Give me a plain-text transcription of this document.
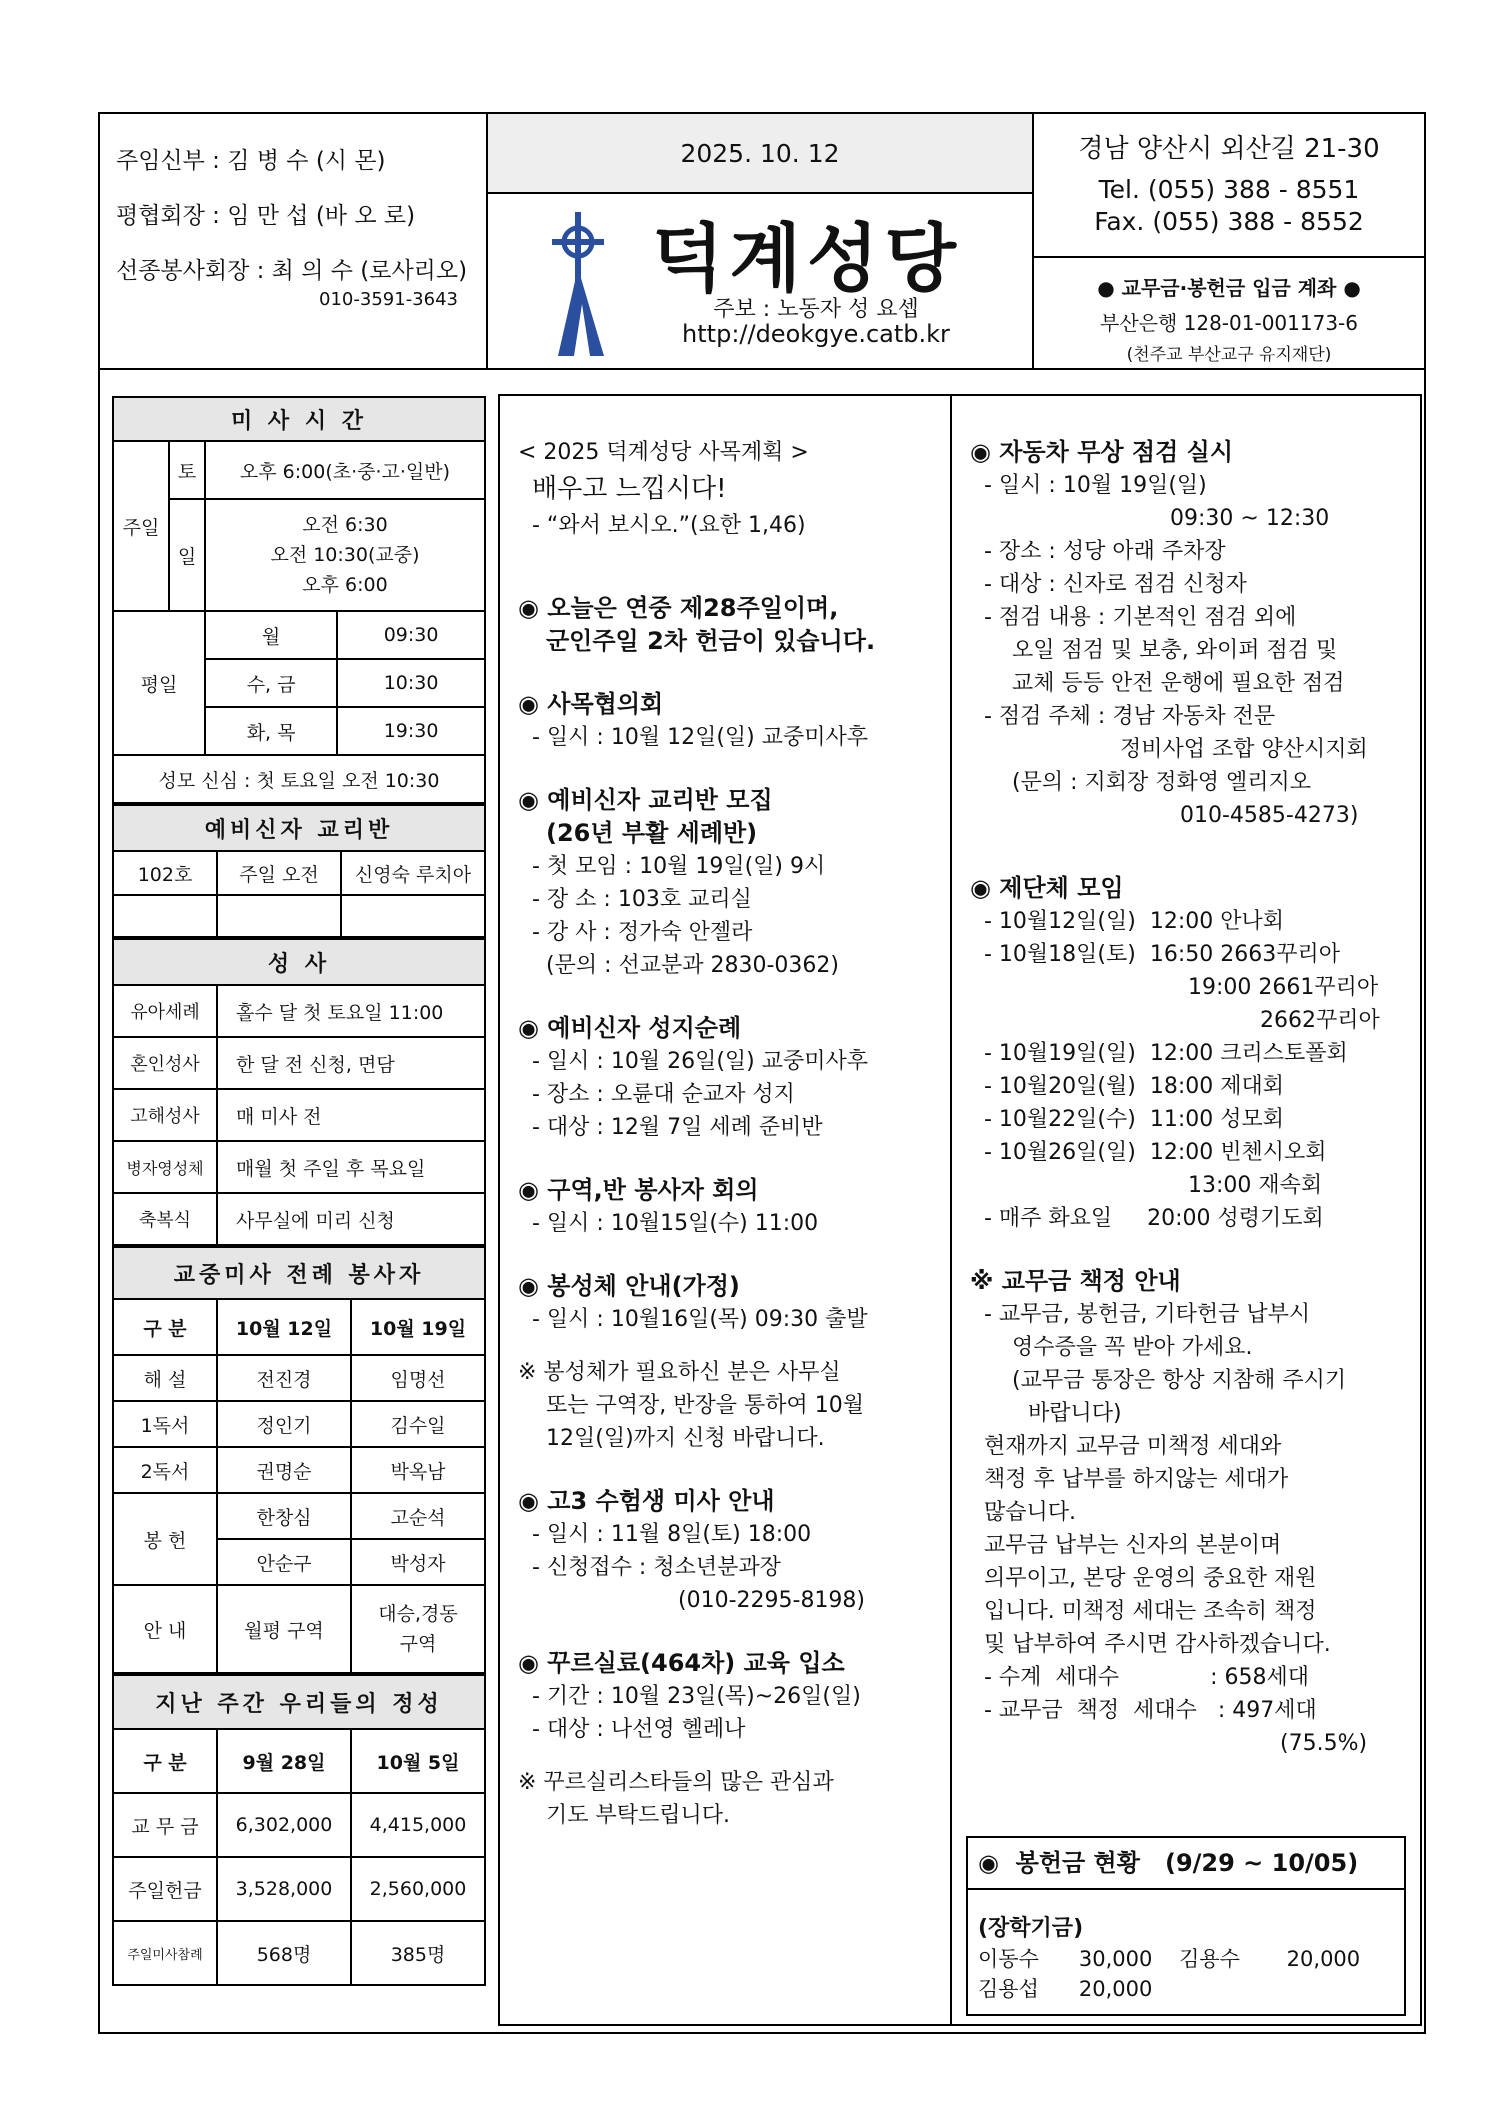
주임신부 : 김 병 수 (시 몬)
평협회장 : 임 만 섭 (바 오 로)
선종봉사회장 : 최 의 수 (로사리오)
010-3591-3643
2025. 10. 12
덕계성당
주보 : 노동자 성 요셉
http://deokgye.catb.kr
경남 양산시 외산길 21-30
Tel. (055) 388 - 8551
Fax. (055) 388 - 8552
● 교무금·봉헌금 입금 계좌 ●
부산은행 128-01-001173-6
(천주교 부산교구 유지재단)
미 사 시 간			
주일	토	오후 6:00(초·중·고·일반)	
	일	오전 6:30
오전 10:30(교중)
오후 6:00	

평일		월	09:30
		수, 금	10:30
		화, 목	19:30
성모 신심 : 첫 토요일 오전 10:30			
예비신자 교리반		
102호	주일 오전	신영숙 루치아

성 사	
유아세례	홀수 달 첫 토요일 11:00
혼인성사	한 달 전 신청, 면담
고해성사	매 미사 전
병자영성체	매월 첫 주일 후 목요일
축복식	사무실에 미리 신청
교중미사 전례 봉사자		
구 분	10월 12일	10월 19일
해 설	전진경	임명선
1독서	정인기	김수일
2독서	권명순	박옥남
봉 헌	한창심	고순석
	안순구	박성자
안 내	월평 구역	대승,경동 구역
지난 주간 우리들의 정성		
구 분	9월 28일	10월 5일
교 무 금	6,302,000	4,415,000
주일헌금	3,528,000	2,560,000
주일미사참례	568명	385명
< 2025 덕계성당 사목계획 >
배우고 느낍시다!
- “와서 보시오.”(요한 1,46)
◉ 오늘은 연중 제28주일이며,
군인주일 2차 헌금이 있습니다.
◉ 사목협의회
- 일시 : 10월 12일(일) 교중미사후
◉ 예비신자 교리반 모집
(26년 부활 세례반)
- 첫 모임 : 10월 19일(일) 9시
- 장 소 : 103호 교리실
- 강 사 : 정가숙 안젤라
(문의 : 선교분과 2830-0362)
◉ 예비신자 성지순례
- 일시 : 10월 26일(일) 교중미사후
- 장소 : 오륜대 순교자 성지
- 대상 : 12월 7일 세례 준비반
◉ 구역,반 봉사자 회의
- 일시 : 10월15일(수) 11:00
◉ 봉성체 안내(가정)
- 일시 : 10월16일(목) 09:30 출발
※ 봉성체가 필요하신 분은 사무실
또는 구역장, 반장을 통하여 10월
12일(일)까지 신청 바랍니다.
◉ 고3 수험생 미사 안내
- 일시 : 11월 8일(토) 18:00
- 신청접수 : 청소년분과장
(010-2295-8198)
◉ 꾸르실료(464차) 교육 입소
- 기간 : 10월 23일(목)~26일(일)
- 대상 : 나선영 헬레나
※ 꾸르실리스타들의 많은 관심과
기도 부탁드립니다.
◉ 자동차 무상 점검 실시
- 일시 : 10월 19일(일)
09:30 ~ 12:30
- 장소 : 성당 아래 주차장
- 대상 : 신자로 점검 신청자
- 점검 내용 : 기본적인 점검 외에
오일 점검 및 보충, 와이퍼 점검 및
교체 등등 안전 운행에 필요한 점검
- 점검 주체 : 경남 자동차 전문
정비사업 조합 양산시지회
(문의 : 지회장 정화영 엘리지오
010-4585-4273)
◉ 제단체 모임
- 10월12일(일)  12:00 안나회
- 10월18일(토)  16:50 2663꾸리아
19:00 2661꾸리아
2662꾸리아
- 10월19일(일)  12:00 크리스토폴회
- 10월20일(월)  18:00 제대회
- 10월22일(수)  11:00 성모회
- 10월26일(일)  12:00 빈첸시오회
13:00 재속회
- 매주 화요일     20:00 성령기도회
※ 교무금 책정 안내
- 교무금, 봉헌금, 기타헌금 납부시
영수증을 꼭 받아 가세요.
(교무금 통장은 항상 지참해 주시기
바랍니다)
현재까지 교무금 미책정 세대와
책정 후 납부를 하지않는 세대가
많습니다.
교무금 납부는 신자의 본분이며
의무이고, 본당 운영의 중요한 재원
입니다. 미책정 세대는 조속히 책정
및 납부하여 주시면 감사하겠습니다.
- 수계  세대수             : 658세대
- 교무금  책정  세대수   : 497세대
(75.5%)
◉  봉헌금 현황   (9/29 ~ 10/05)
(장학기금)
이동수      30,000    김용수       20,000
김용섭      20,000
